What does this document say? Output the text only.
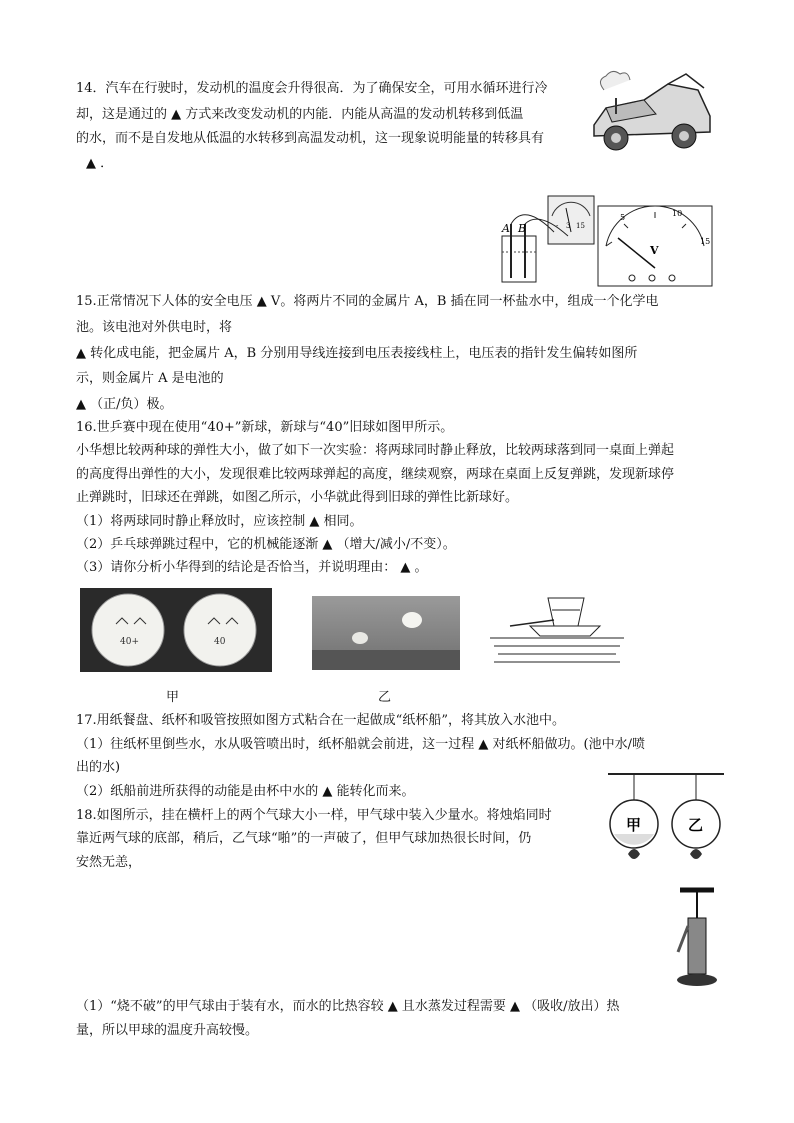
14．汽车在行驶时，发动机的温度会升得很高．为了确保安全，可用水循环进行冷
却，这是通过的 ▲ 方式来改变发动机的内能．内能从高温的发动机转移到低温
的水，而不是自发地从低温的水转移到高温发动机，这一现象说明能量的转移具有
▲ ．
A B	- 3 15
5	10
15
V
15.正常情况下人体的安全电压 ▲ V。将两片不同的金属片 A，B 插在同一杯盐水中，组成一个化学电
池。该电池对外供电时，将
▲ 转化成电能，把金属片 A，B 分别用导线连接到电压表接线柱上，电压表的指针发生偏转如图所
示，则金属片 A 是电池的
▲ （正/负）极。
16.世乒赛中现在使用“40+”新球，新球与“40”旧球如图甲所示。
小华想比较两种球的弹性大小，做了如下一次实验：将两球同时静止释放，比较两球落到同一桌面上弹起
的高度得出弹性的大小，发现很难比较两球弹起的高度，继续观察，两球在桌面上反复弹跳，发现新球停
止弹跳时，旧球还在弹跳，如图乙所示，小华就此得到旧球的弹性比新球好。
（1）将两球同时静止释放时，应该控制 ▲ 相同。
（2）乒乓球弹跳过程中，它的机械能逐渐 ▲ （增大/减小/不变）。
（3）请你分析小华得到的结论是否恰当，并说明理由： ▲ 。
40+	40
甲	乙
17.用纸餐盘、纸杯和吸管按照如图方式粘合在一起做成“纸杯船”，将其放入水池中。
（1）往纸杯里倒些水，水从吸管喷出时，纸杯船就会前进，这一过程 ▲ 对纸杯船做功。(池中水/喷
出的水)
（2）纸船前进所获得的动能是由杯中水的 ▲ 能转化而来。
18.如图所示，挂在横杆上的两个气球大小一样，甲气球中装入少量水。将烛焰同时
靠近两气球的底部，稍后，乙气球“啪”的一声破了，但甲气球加热很长时间，仍
安然无恙，
甲	乙
（1）“烧不破”的甲气球由于装有水，而水的比热容较 ▲ 且水蒸发过程需要 ▲ （吸收/放出）热
量，所以甲球的温度升高较慢。
